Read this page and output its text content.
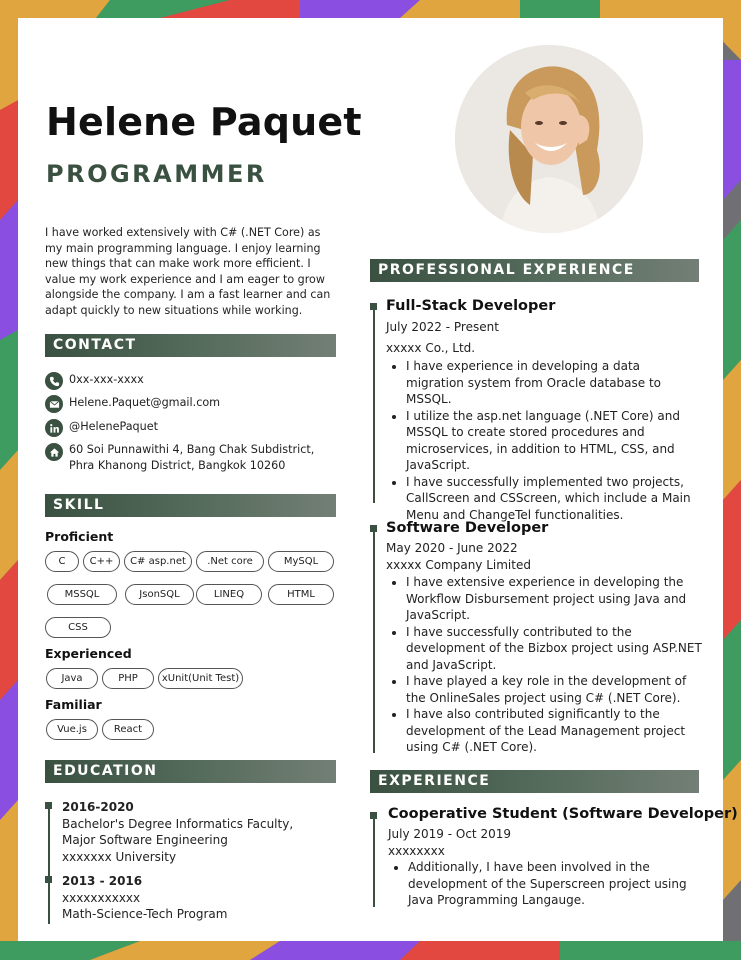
Helene Paquet
PROGRAMMER
I have worked extensively with C# (.NET Core) as my main programming language. I enjoy learning new things that can make work more efficient. I value my work experience and I am eager to grow alongside the company. I am a fast learner and can adapt quickly to new situations while working.
CONTACT
0xx-xxx-xxxx
Helene.Paquet@gmail.com
@HelenePaquet
60 Soi Punnawithi 4, Bang Chak Subdistrict, Phra Khanong District, Bangkok 10260
SKILL
Proficient
C	C++	C# asp.net	.Net core	MySQL
MSSQL	JsonSQL	LINEQ	HTML
CSS
Experienced
Java	PHP	xUnit(Unit Test)
Familiar
Vue.js	React
EDUCATION
2016-2020
Bachelor's Degree Informatics Faculty,
Major Software Engineering
xxxxxxx University
2013 - 2016
xxxxxxxxxxx
Math-Science-Tech Program
PROFESSIONAL EXPERIENCE
Full-Stack Developer
July 2022 - Present
xxxxx Co., Ltd.
• I have experience in developing a data migration system from Oracle database to MSSQL.
• I utilize the asp.net language (.NET Core) and MSSQL to create stored procedures and microservices, in addition to HTML, CSS, and JavaScript.
• I have successfully implemented two projects, CallScreen and CSScreen, which include a Main Menu and ChangeTel functionalities.
Software Developer
May 2020 - June 2022
xxxxx Company Limited
• I have extensive experience in developing the Workflow Disbursement project using Java and JavaScript.
• I have successfully contributed to the development of the Bizbox project using ASP.NET and JavaScript.
• I have played a key role in the development of the OnlineSales project using C# (.NET Core).
• I have also contributed significantly to the development of the Lead Management project using C# (.NET Core).
EXPERIENCE
Cooperative Student (Software Developer)
July 2019 - Oct 2019
xxxxxxxx
• Additionally, I have been involved in the development of the Superscreen project using Java Programming Langauge.
